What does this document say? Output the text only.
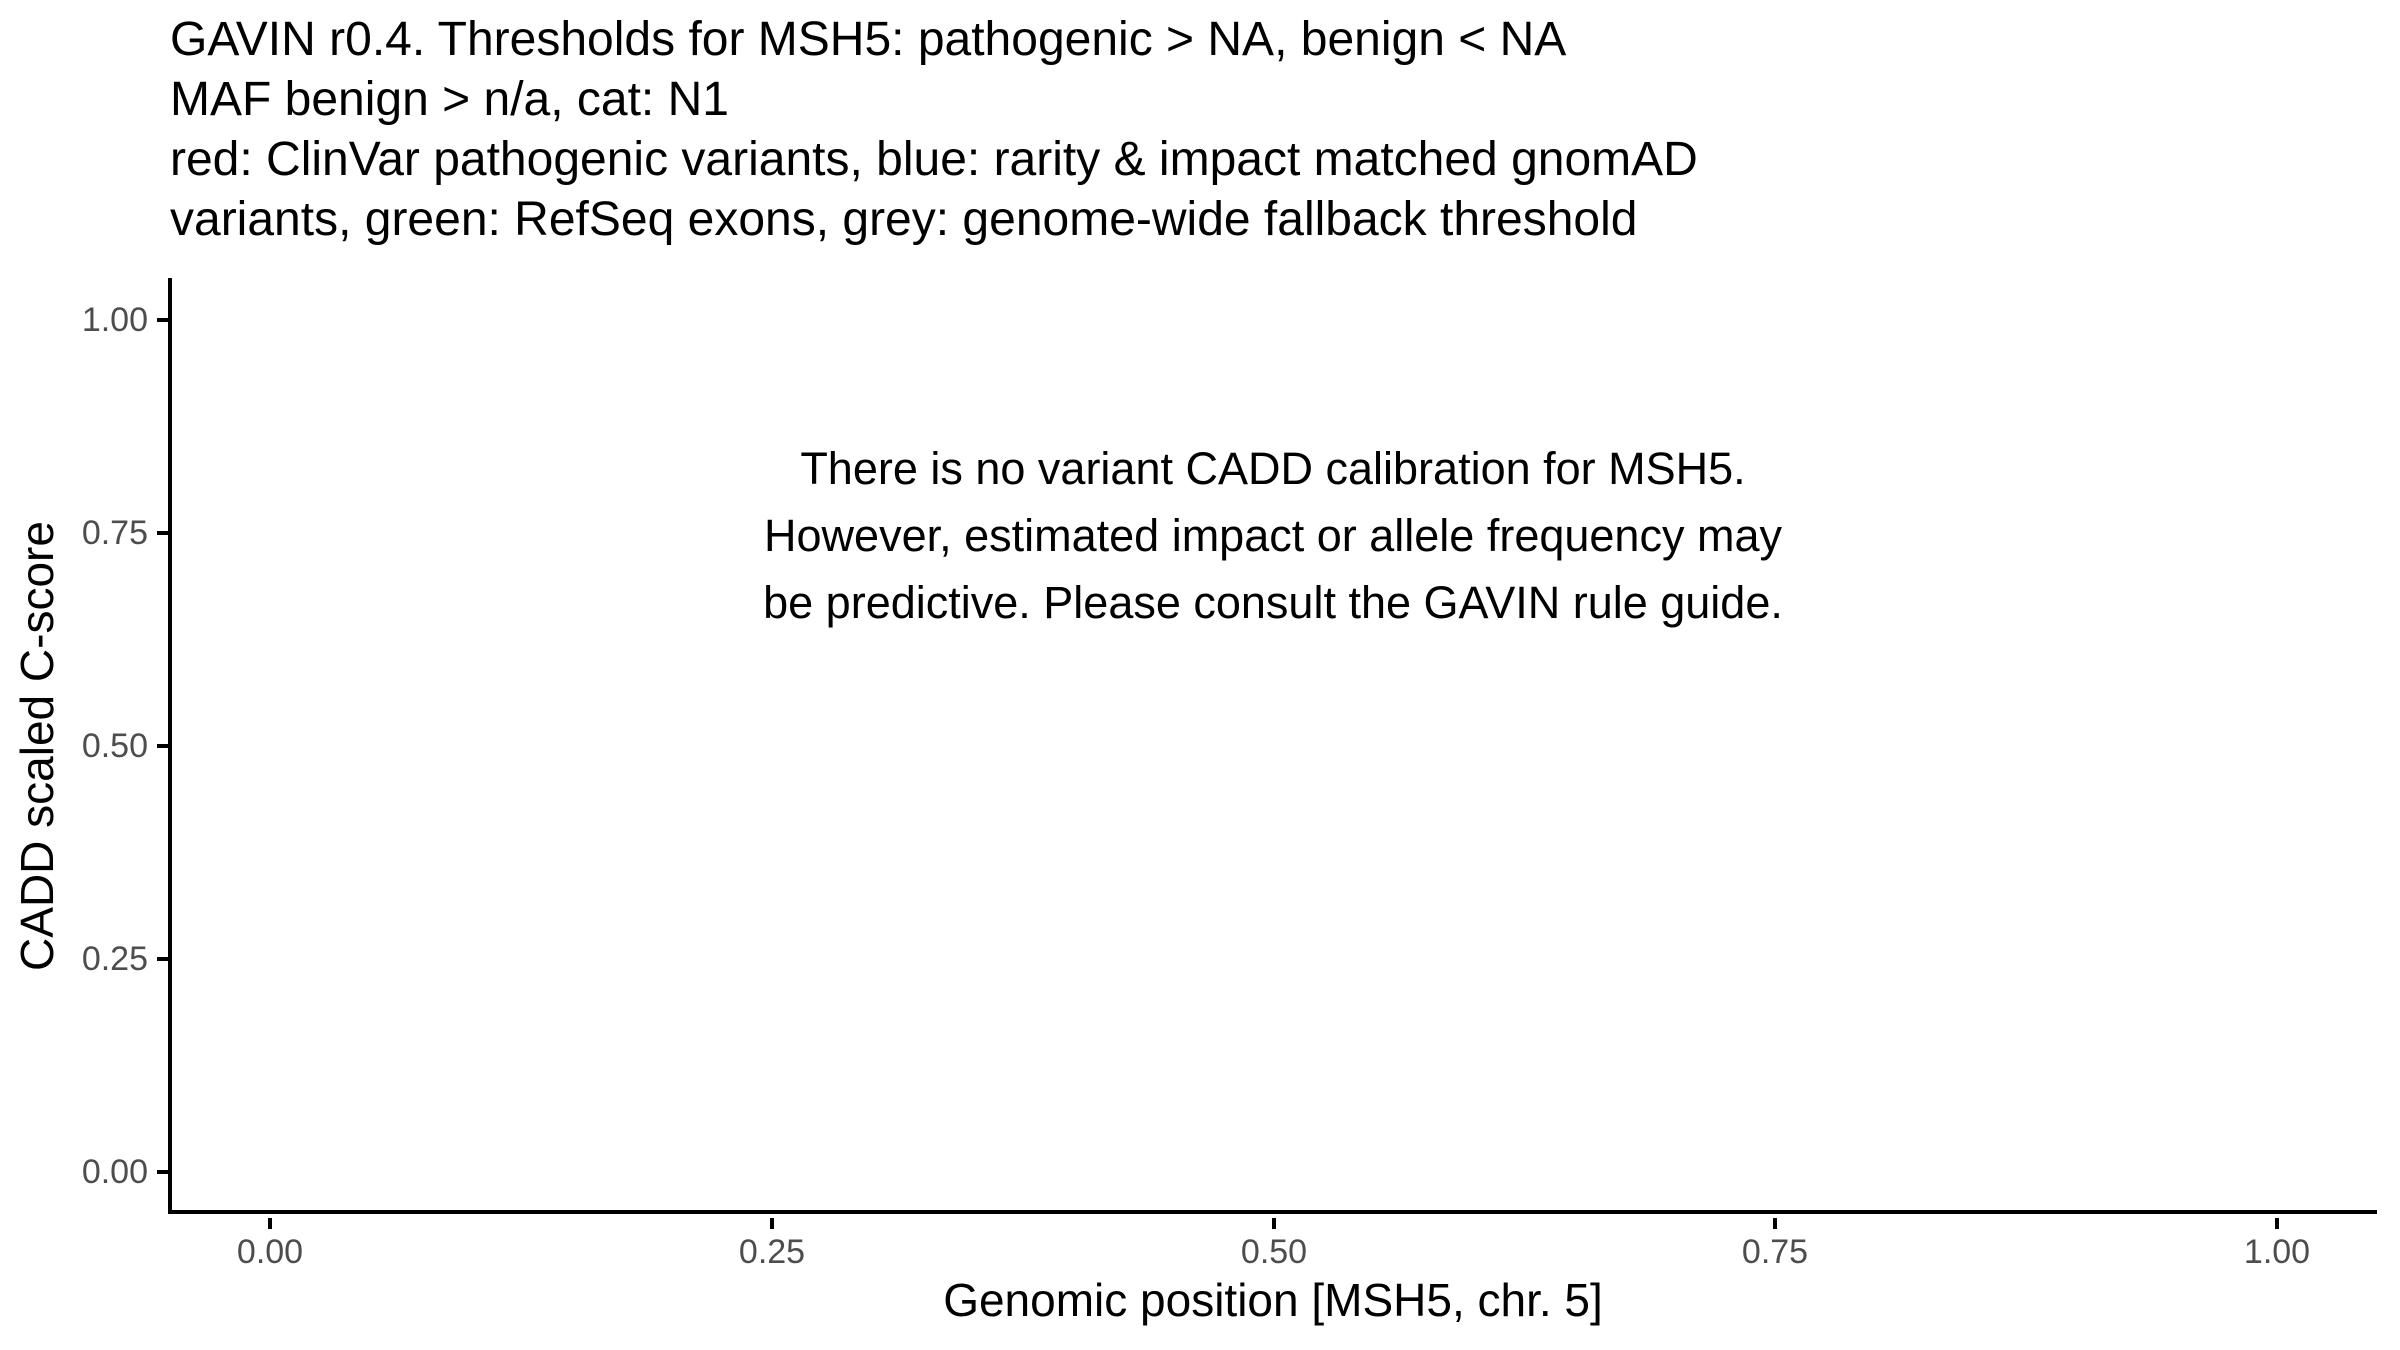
GAVIN r0.4. Thresholds for MSH5: pathogenic > NA, benign < NA
MAF benign > n/a, cat: N1
red: ClinVar pathogenic variants, blue: rarity & impact matched gnomAD
variants, green: RefSeq exons, grey: genome-wide fallback threshold
There is no variant CADD calibration for MSH5.
However, estimated impact or allele frequency may
be predictive. Please consult the GAVIN rule guide.
1.00
0.75
0.50
0.25
0.00
0.00	0.25	0.50	0.75	1.00
Genomic position [MSH5, chr. 5]
CADD scaled C-score
